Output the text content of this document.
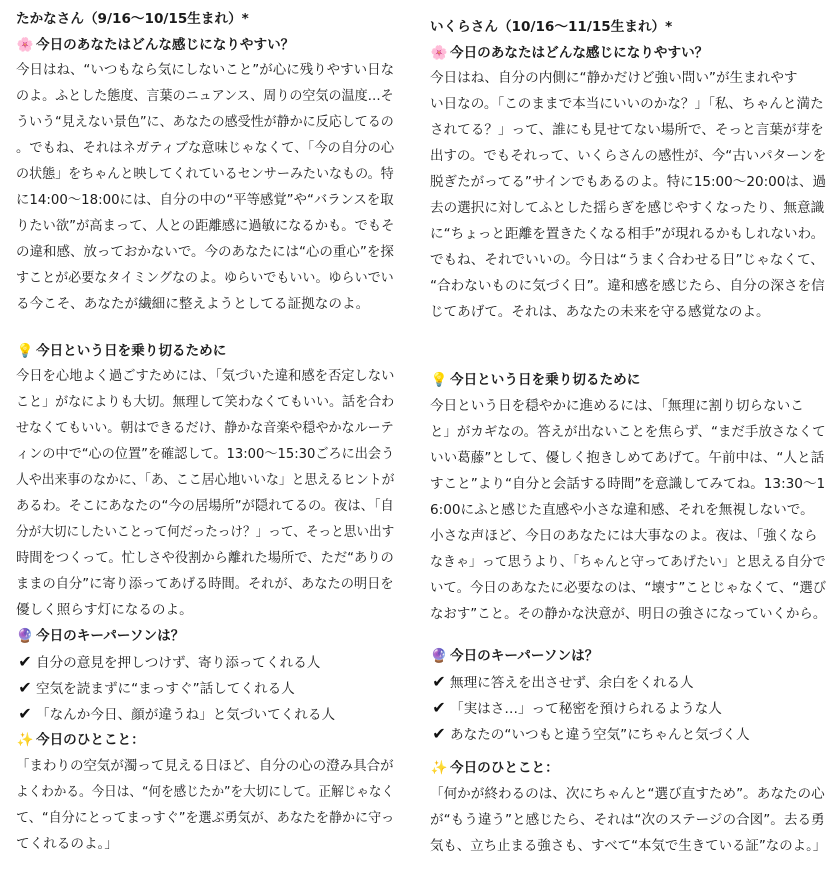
たかなさん（9/16〜10/15生まれ）*
🌸 今日のあなたはどんな感じになりやすい？
今日はね、“いつもなら気にしないこと”が心に残りやすい日な
のよ。ふとした態度、言葉のニュアンス、周りの空気の温度…そ
ういう“見えない景色”に、あなたの感受性が静かに反応してるの
。でもね、それはネガティブな意味じゃなくて、「今の自分の心
の状態」をちゃんと映してくれているセンサーみたいなもの。特
に14:00〜18:00には、自分の中の“平等感覚”や“バランスを取
りたい欲”が高まって、人との距離感に過敏になるかも。でもそ
の違和感、放っておかないで。今のあなたには“心の重心”を探
すことが必要なタイミングなのよ。ゆらいでもいい。ゆらいでい
る今こそ、あなたが繊細に整えようとしてる証拠なのよ。
💡 今日という日を乗り切るために
今日を心地よく過ごすためには、「気づいた違和感を否定しない
こと」がなによりも大切。無理して笑わなくてもいい。話を合わ
せなくてもいい。朝はできるだけ、静かな音楽や穏やかなルーテ
ィンの中で“心の位置”を確認して。13:00〜15:30ごろに出会う
人や出来事のなかに、「あ、ここ居心地いいな」と思えるヒントが
あるわ。そこにあなたの“今の居場所”が隠れてるの。夜は、「自
分が大切にしたいことって何だったっけ？」って、そっと思い出す
時間をつくって。忙しさや役割から離れた場所で、ただ“ありの
ままの自分”に寄り添ってあげる時間。それが、あなたの明日を
優しく照らす灯になるのよ。
🔮 今日のキーパーソンは？
✔ 自分の意見を押しつけず、寄り添ってくれる人
✔ 空気を読まずに“まっすぐ”話してくれる人
✔ 「なんか今日、顔が違うね」と気づいてくれる人
✨ 今日のひとこと：
「まわりの空気が濁って見える日ほど、自分の心の澄み具合が
よくわかる。今日は、“何を感じたか”を大切にして。正解じゃなく
て、“自分にとってまっすぐ”を選ぶ勇気が、あなたを静かに守っ
てくれるのよ。」
いくらさん（10/16〜11/15生まれ）*
🌸 今日のあなたはどんな感じになりやすい？
今日はね、自分の内側に“静かだけど強い問い”が生まれやす
い日なの。「このままで本当にいいのかな？」「私、ちゃんと満た
されてる？」って、誰にも見せてない場所で、そっと言葉が芽を
出すの。でもそれって、いくらさんの感性が、今“古いパターンを
脱ぎたがってる”サインでもあるのよ。特に15:00〜20:00は、過
去の選択に対してふとした揺らぎを感じやすくなったり、無意識
に“ちょっと距離を置きたくなる相手”が現れるかもしれないわ。
でもね、それでいいの。今日は“うまく合わせる日”じゃなくて、
“合わないものに気づく日”。違和感を感じたら、自分の深さを信
じてあげて。それは、あなたの未来を守る感覚なのよ。
💡 今日という日を乗り切るために
今日という日を穏やかに進めるには、「無理に割り切らないこ
と」がカギなの。答えが出ないことを焦らず、“まだ手放さなくて
いい葛藤”として、優しく抱きしめてあげて。午前中は、“人と話
すこと”より“自分と会話する時間”を意識してみてね。13:30〜1
6:00にふと感じた直感や小さな違和感、それを無視しないで。
小さな声ほど、今日のあなたには大事なのよ。夜は、「強くなら
なきゃ」って思うより、「ちゃんと守ってあげたい」と思える自分で
いて。今日のあなたに必要なのは、“壊す”ことじゃなくて、“選び
なおす”こと。その静かな決意が、明日の強さになっていくから。
🔮 今日のキーパーソンは？
✔ 無理に答えを出させず、余白をくれる人
✔ 「実はさ…」って秘密を預けられるような人
✔ あなたの“いつもと違う空気”にちゃんと気づく人
✨ 今日のひとこと：
「何かが終わるのは、次にちゃんと“選び直すため”。あなたの心
が“もう違う”と感じたら、それは“次のステージの合図”。去る勇
気も、立ち止まる強さも、すべて“本気で生きている証”なのよ。」
